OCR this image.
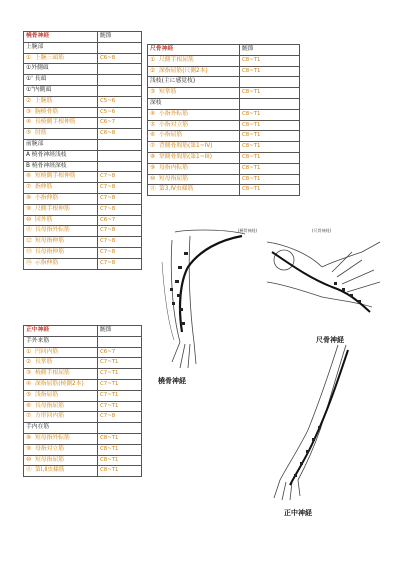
橈骨神経	髄節
上腕部	
① 上腕三頭筋	C6~8
①外側頭	
①' 長頭	
①"内側頭	
② 上腕筋	C5~6
③ 腕橈骨筋	C5~6
④ 長橈側手根伸筋	C6~7
⑤ 肘筋	C6~8
前腕部	
A 橈骨神経浅枝	
B 橈骨神経深枝	
⑥ 短橈側手根伸筋	C7~8
⑦ 指伸筋	C7~8
⑧ 小指伸筋	C7~8
⑨ 尺側手根伸筋	C7~8
⑩ 回外筋	C6~7
⑪ 長母指外転筋	C7~8
⑫ 短母指伸筋	C7~8
⑬ 長母指伸筋	C7~8
⑭ 示指伸筋	C7~8
尺骨神経	髄節
① 尺側手根屈筋	C8~T1
② 深指屈筋(尺側2本)	C8~T1
浅枝(主に感覚枝)	
③ 短掌筋	C8~T1
深枝	
④ 小指外転筋	C8~T1
⑤ 小指対立筋	C8~T1
⑥ 小指屈筋	C8~T1
⑦ 背側骨間筋(第1~IV)	C8~T1
⑧ 掌側骨間筋(第1~III)	C8~T1
⑨ 母指内転筋	C8~T1
⑩ 短母指屈筋	C8~T1
⑪ 第3,IV虫様筋	C8~T1
正中神経	髄節
手外来筋	
① 円回内筋	C6~7
② 長掌筋	C7~T1
③ 橈側手根屈筋	C7~T1
④ 深指屈筋(橈側2本)	C7~T1
⑤ 浅指屈筋	C7~T1
⑥ 長母指屈筋	C7~T1
⑦ 方形回内筋	C7~8
手内在筋	
⑧ 短母指外転筋	C8~T1
⑨ 母指対立筋	C8~T1
⑩ 短母指屈筋	C8~T1
⑪ 第Ⅰ,Ⅱ虫様筋	C8~T1
(橈骨神経)
橈骨神経
(尺骨神経)
尺骨神経
正中神経
